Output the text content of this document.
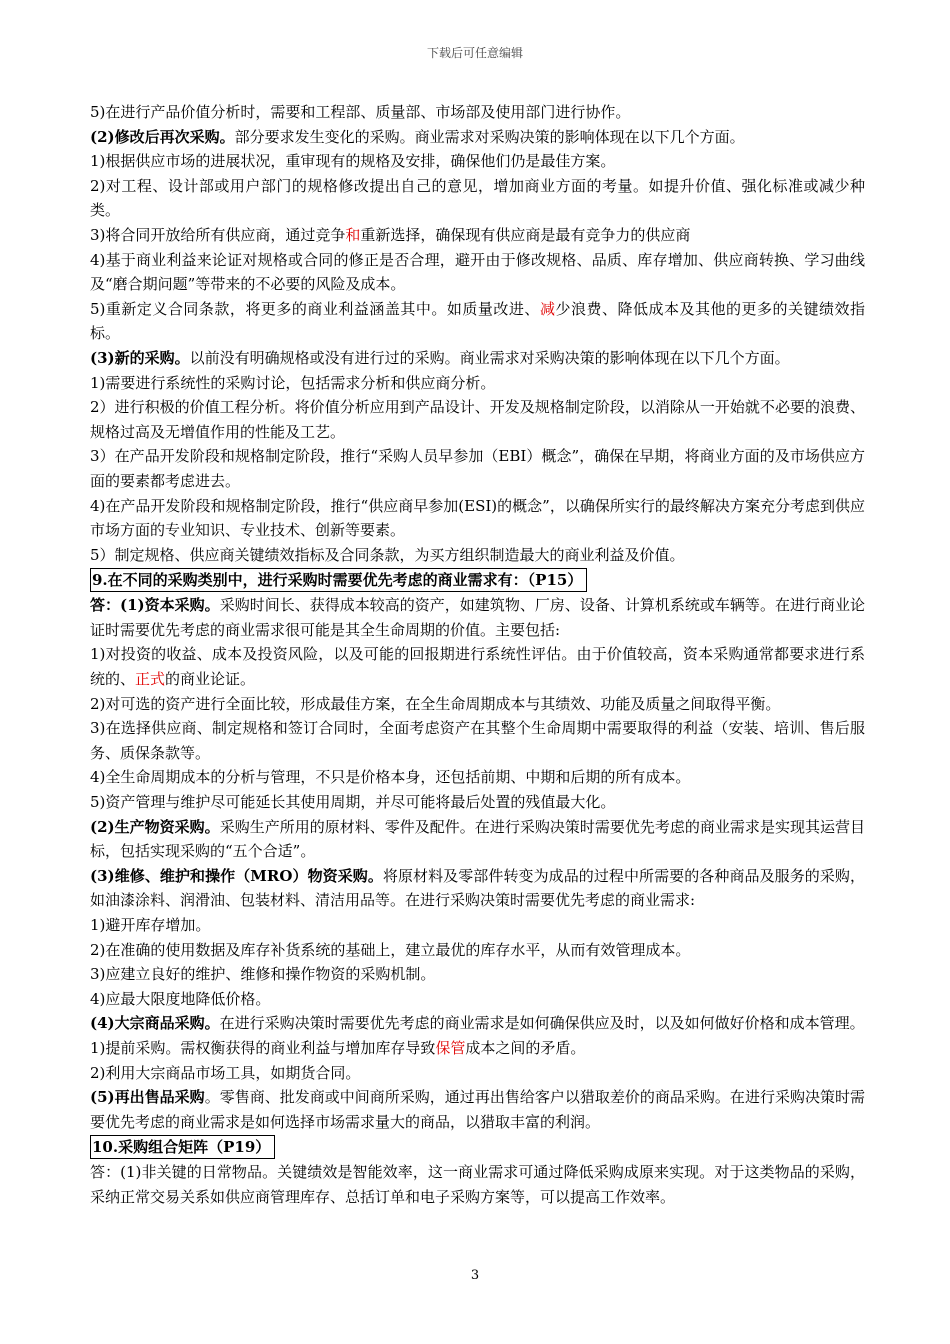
下载后可任意编辑

5)在进行产品价值分析时，需要和工程部、质量部、市场部及使用部门进行协作。

(2)修改后再次采购。部分要求发生变化的采购。商业需求对采购决策的影响体现在以下几个方面。

1)根据供应市场的进展状况，重审现有的规格及安排，确保他们仍是最佳方案。

2)对工程、设计部或用户部门的规格修改提出自己的意见，增加商业方面的考量。如提升价值、强化标准或减少种类。

3)将合同开放给所有供应商，通过竞争和重新选择，确保现有供应商是最有竞争力的供应商

4)基于商业利益来论证对规格或合同的修正是否合理，避开由于修改规格、品质、库存增加、供应商转换、学习曲线及“磨合期问题”等带来的不必要的风险及成本。

5)重新定义合同条款，将更多的商业利益涵盖其中。如质量改进、减少浪费、降低成本及其他的更多的关键绩效指标。

(3)新的采购。以前没有明确规格或没有进行过的采购。商业需求对采购决策的影响体现在以下几个方面。

1)需要进行系统性的采购讨论，包括需求分析和供应商分析。

2）进行积极的价值工程分析。将价值分析应用到产品设计、开发及规格制定阶段，以消除从一开始就不必要的浪费、规格过高及无增值作用的性能及工艺。

3）在产品开发阶段和规格制定阶段，推行“采购人员早参加（EBI）概念”，确保在早期，将商业方面的及市场供应方面的要素都考虑进去。

4)在产品开发阶段和规格制定阶段，推行“供应商早参加(ESI)的概念”，以确保所实行的最终解决方案充分考虑到供应市场方面的专业知识、专业技术、创新等要素。

5）制定规格、供应商关键绩效指标及合同条款，为买方组织制造最大的商业利益及价值。

9.在不同的采购类别中，进行采购时需要优先考虑的商业需求有：（P15）

答：(1)资本采购。采购时间长、获得成本较高的资产，如建筑物、厂房、设备、计算机系统或车辆等。在进行商业论证时需要优先考虑的商业需求很可能是其全生命周期的价值。主要包括:

1)对投资的收益、成本及投资风险，以及可能的回报期进行系统性评估。由于价值较高，资本采购通常都要求进行系统的、正式的商业论证。

2)对可选的资产进行全面比较，形成最佳方案，在全生命周期成本与其绩效、功能及质量之间取得平衡。

3)在选择供应商、制定规格和签订合同时，全面考虑资产在其整个生命周期中需要取得的利益（安装、培训、售后服务、质保条款等。

4)全生命周期成本的分析与管理，不只是价格本身，还包括前期、中期和后期的所有成本。

5)资产管理与维护尽可能延长其使用周期，并尽可能将最后处置的残值最大化。

(2)生产物资采购。采购生产所用的原材料、零件及配件。在进行采购决策时需要优先考虑的商业需求是实现其运营目标，包括实现采购的“五个合适”。

(3)维修、维护和操作（MRO）物资采购。将原材料及零部件转变为成品的过程中所需要的各种商品及服务的采购，如油漆涂料、润滑油、包装材料、清洁用品等。在进行采购决策时需要优先考虑的商业需求:

1)避开库存增加。

2)在准确的使用数据及库存补货系统的基础上，建立最优的库存水平，从而有效管理成本。

3)应建立良好的维护、维修和操作物资的采购机制。

4)应最大限度地降低价格。

(4)大宗商品采购。在进行采购决策时需要优先考虑的商业需求是如何确保供应及时，以及如何做好价格和成本管理。

1)提前采购。需权衡获得的商业利益与增加库存导致保管成本之间的矛盾。

2)利用大宗商品市场工具，如期货合同。

(5)再出售品采购。零售商、批发商或中间商所采购，通过再出售给客户以猎取差价的商品采购。在进行采购决策时需要优先考虑的商业需求是如何选择市场需求量大的商品，以猎取丰富的利润。

10.采购组合矩阵（P19）

答：(1)非关键的日常物品。关键绩效是智能效率，这一商业需求可通过降低采购成原来实现。对于这类物品的采购，采纳正常交易关系如供应商管理库存、总括订单和电子采购方案等，可以提高工作效率。

3
